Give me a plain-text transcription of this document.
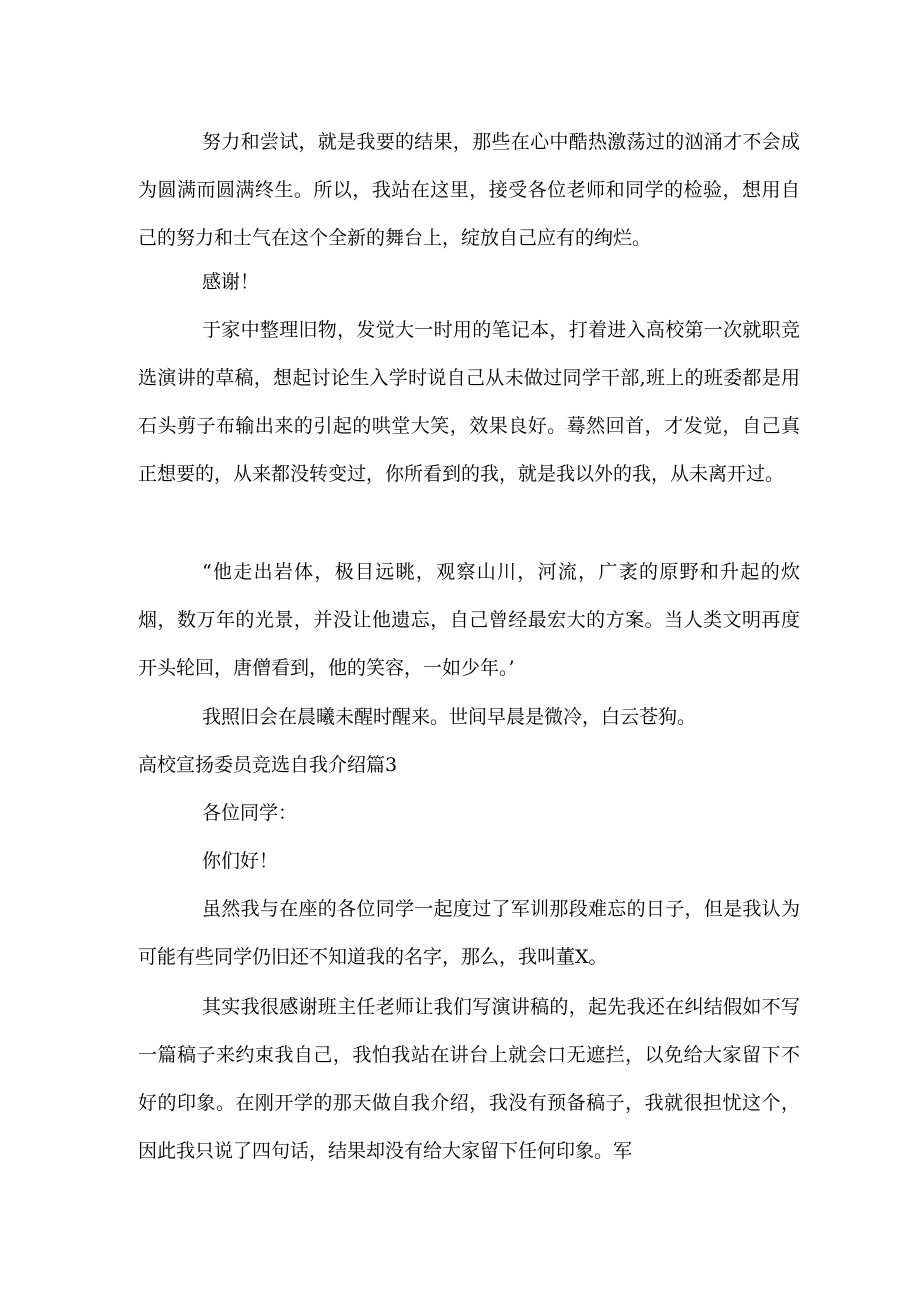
努力和尝试，就是我要的结果，那些在心中酷热激荡过的汹涌才不会成为圆满而圆满终生。所以，我站在这里，接受各位老师和同学的检验，想用自己的努力和士气在这个全新的舞台上，绽放自己应有的绚烂。

感谢！

于家中整理旧物，发觉大一时用的笔记本，打着进入高校第一次就职竞选演讲的草稿，想起讨论生入学时说自己从未做过同学干部,班上的班委都是用石头剪子布输出来的引起的哄堂大笑，效果良好。蓦然回首，才发觉，自己真正想要的，从来都没转变过，你所看到的我，就是我以外的我，从未离开过。

“他走出岩体，极目远眺，观察山川，河流，广袤的原野和升起的炊烟，数万年的光景，并没让他遗忘，自己曾经最宏大的方案。当人类文明再度开头轮回，唐僧看到，他的笑容，一如少年。’

我照旧会在晨曦未醒时醒来。世间早晨是微冷，白云苍狗。

高校宣扬委员竞选自我介绍篇3

各位同学：

你们好！

虽然我与在座的各位同学一起度过了军训那段难忘的日子，但是我认为可能有些同学仍旧还不知道我的名字，那么，我叫董X。

其实我很感谢班主任老师让我们写演讲稿的，起先我还在纠结假如不写一篇稿子来约束我自己，我怕我站在讲台上就会口无遮拦，以免给大家留下不好的印象。在刚开学的那天做自我介绍，我没有预备稿子，我就很担忧这个，因此我只说了四句话，结果却没有给大家留下任何印象。军
